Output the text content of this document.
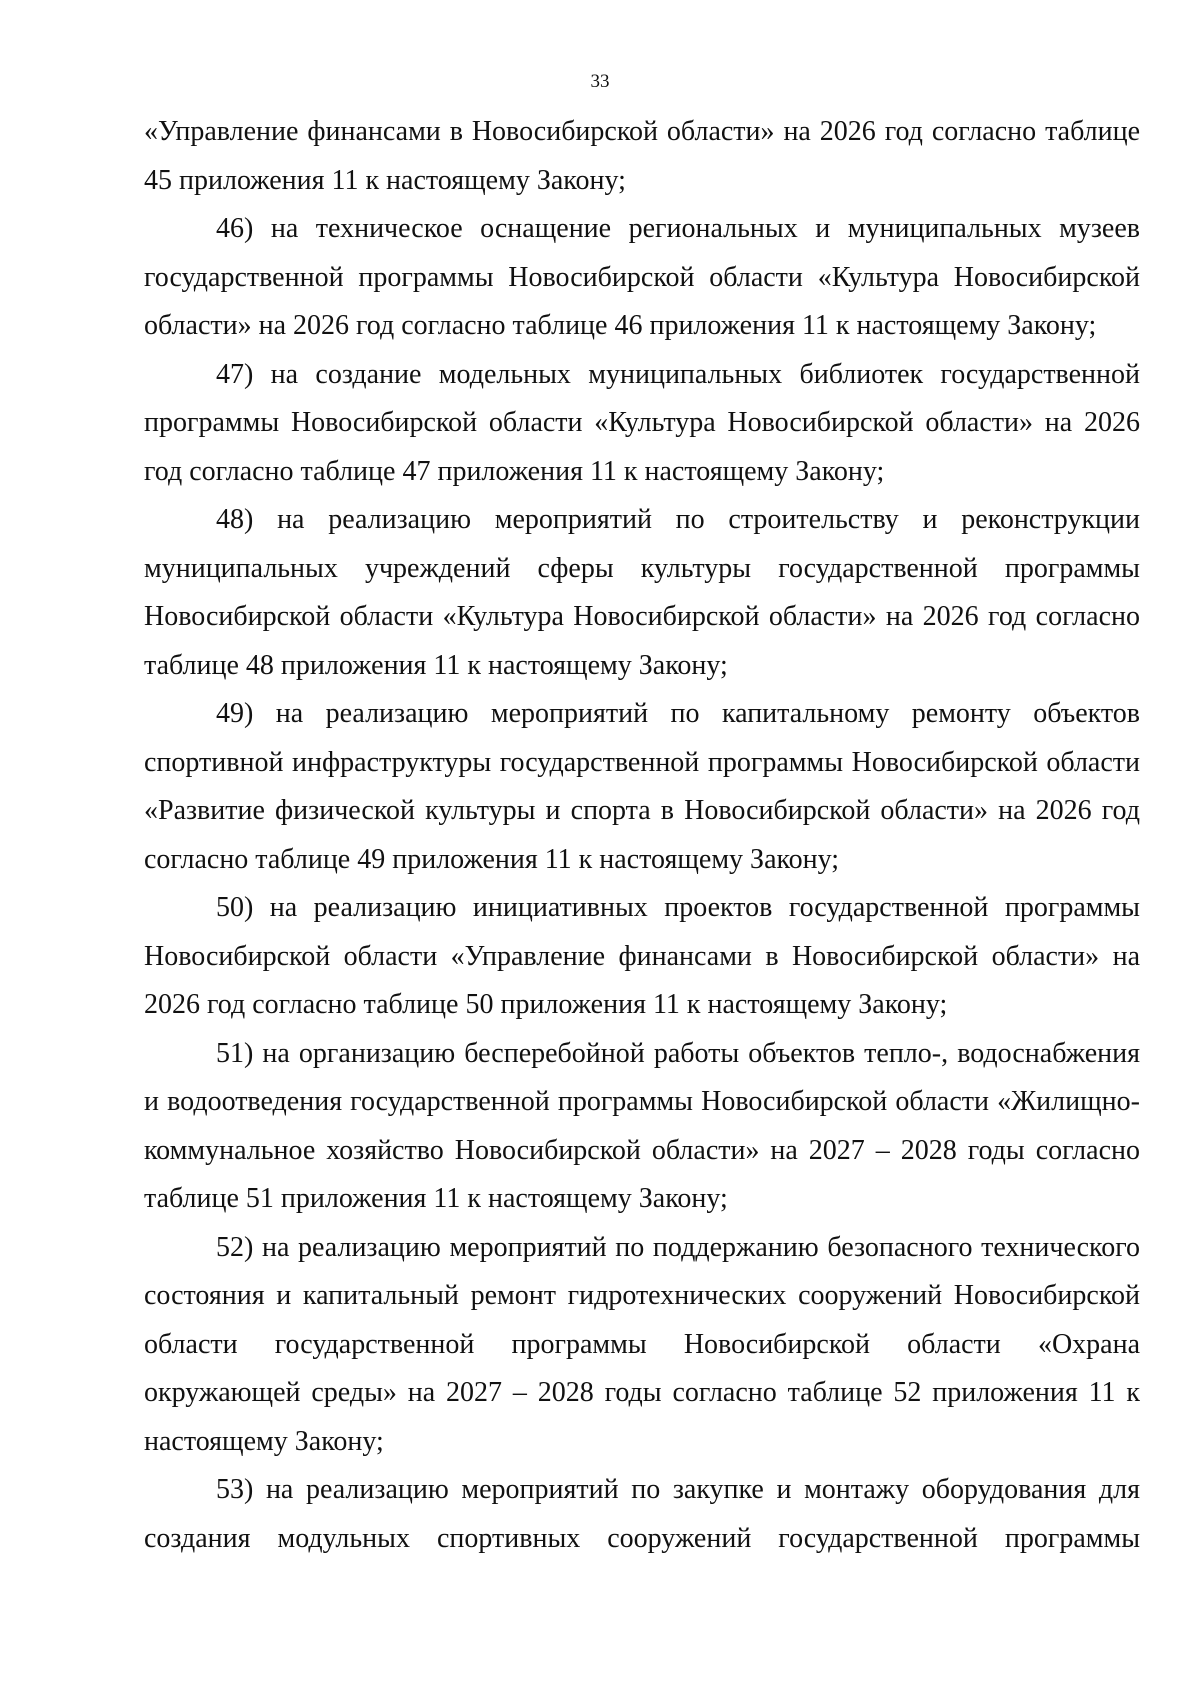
33

«Управление финансами в Новосибирской области» на 2026 год согласно таблице 45 приложения 11 к настоящему Закону;

46) на техническое оснащение региональных и муниципальных музеев государственной программы Новосибирской области «Культура Новосибирской области» на 2026 год согласно таблице 46 приложения 11 к настоящему Закону;

47) на создание модельных муниципальных библиотек государственной программы Новосибирской области «Культура Новосибирской области» на 2026 год согласно таблице 47 приложения 11 к настоящему Закону;

48) на реализацию мероприятий по строительству и реконструкции муниципальных учреждений сферы культуры государственной программы Новосибирской области «Культура Новосибирской области» на 2026 год согласно таблице 48 приложения 11 к настоящему Закону;

49) на реализацию мероприятий по капитальному ремонту объектов спортивной инфраструктуры государственной программы Новосибирской области «Развитие физической культуры и спорта в Новосибирской области» на 2026 год согласно таблице 49 приложения 11 к настоящему Закону;

50) на реализацию инициативных проектов государственной программы Новосибирской области «Управление финансами в Новосибирской области» на 2026 год согласно таблице 50 приложения 11 к настоящему Закону;

51) на организацию бесперебойной работы объектов тепло-, водоснабжения и водоотведения государственной программы Новосибирской области «Жилищно-коммунальное хозяйство Новосибирской области» на 2027 – 2028 годы согласно таблице 51 приложения 11 к настоящему Закону;

52) на реализацию мероприятий по поддержанию безопасного технического состояния и капитальный ремонт гидротехнических сооружений Новосибирской области государственной программы Новосибирской области «Охрана окружающей среды» на 2027 – 2028 годы согласно таблице 52 приложения 11 к настоящему Закону;

53) на реализацию мероприятий по закупке и монтажу оборудования для создания модульных спортивных сооружений государственной программы
